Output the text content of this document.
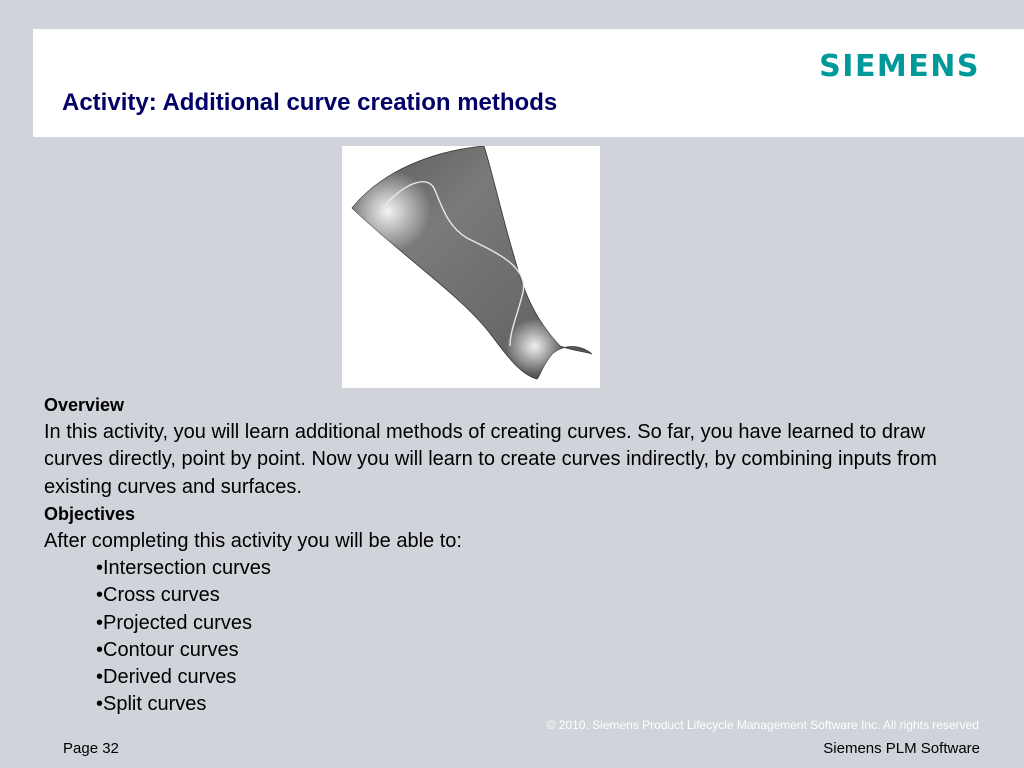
SIEMENS
Activity: Additional curve creation methods

Overview

In this activity, you will learn additional methods of creating curves. So far, you have learned to draw curves directly, point by point. Now you will learn to create curves indirectly, by combining inputs from existing curves and surfaces.

Objectives

After completing this activity you will be able to:

•Intersection curves
•Cross curves
•Projected curves
•Contour curves
•Derived curves
•Split curves
© 2010. Siemens Product Lifecycle Management Software Inc. All rights reserved
Page 32	Siemens PLM Software
